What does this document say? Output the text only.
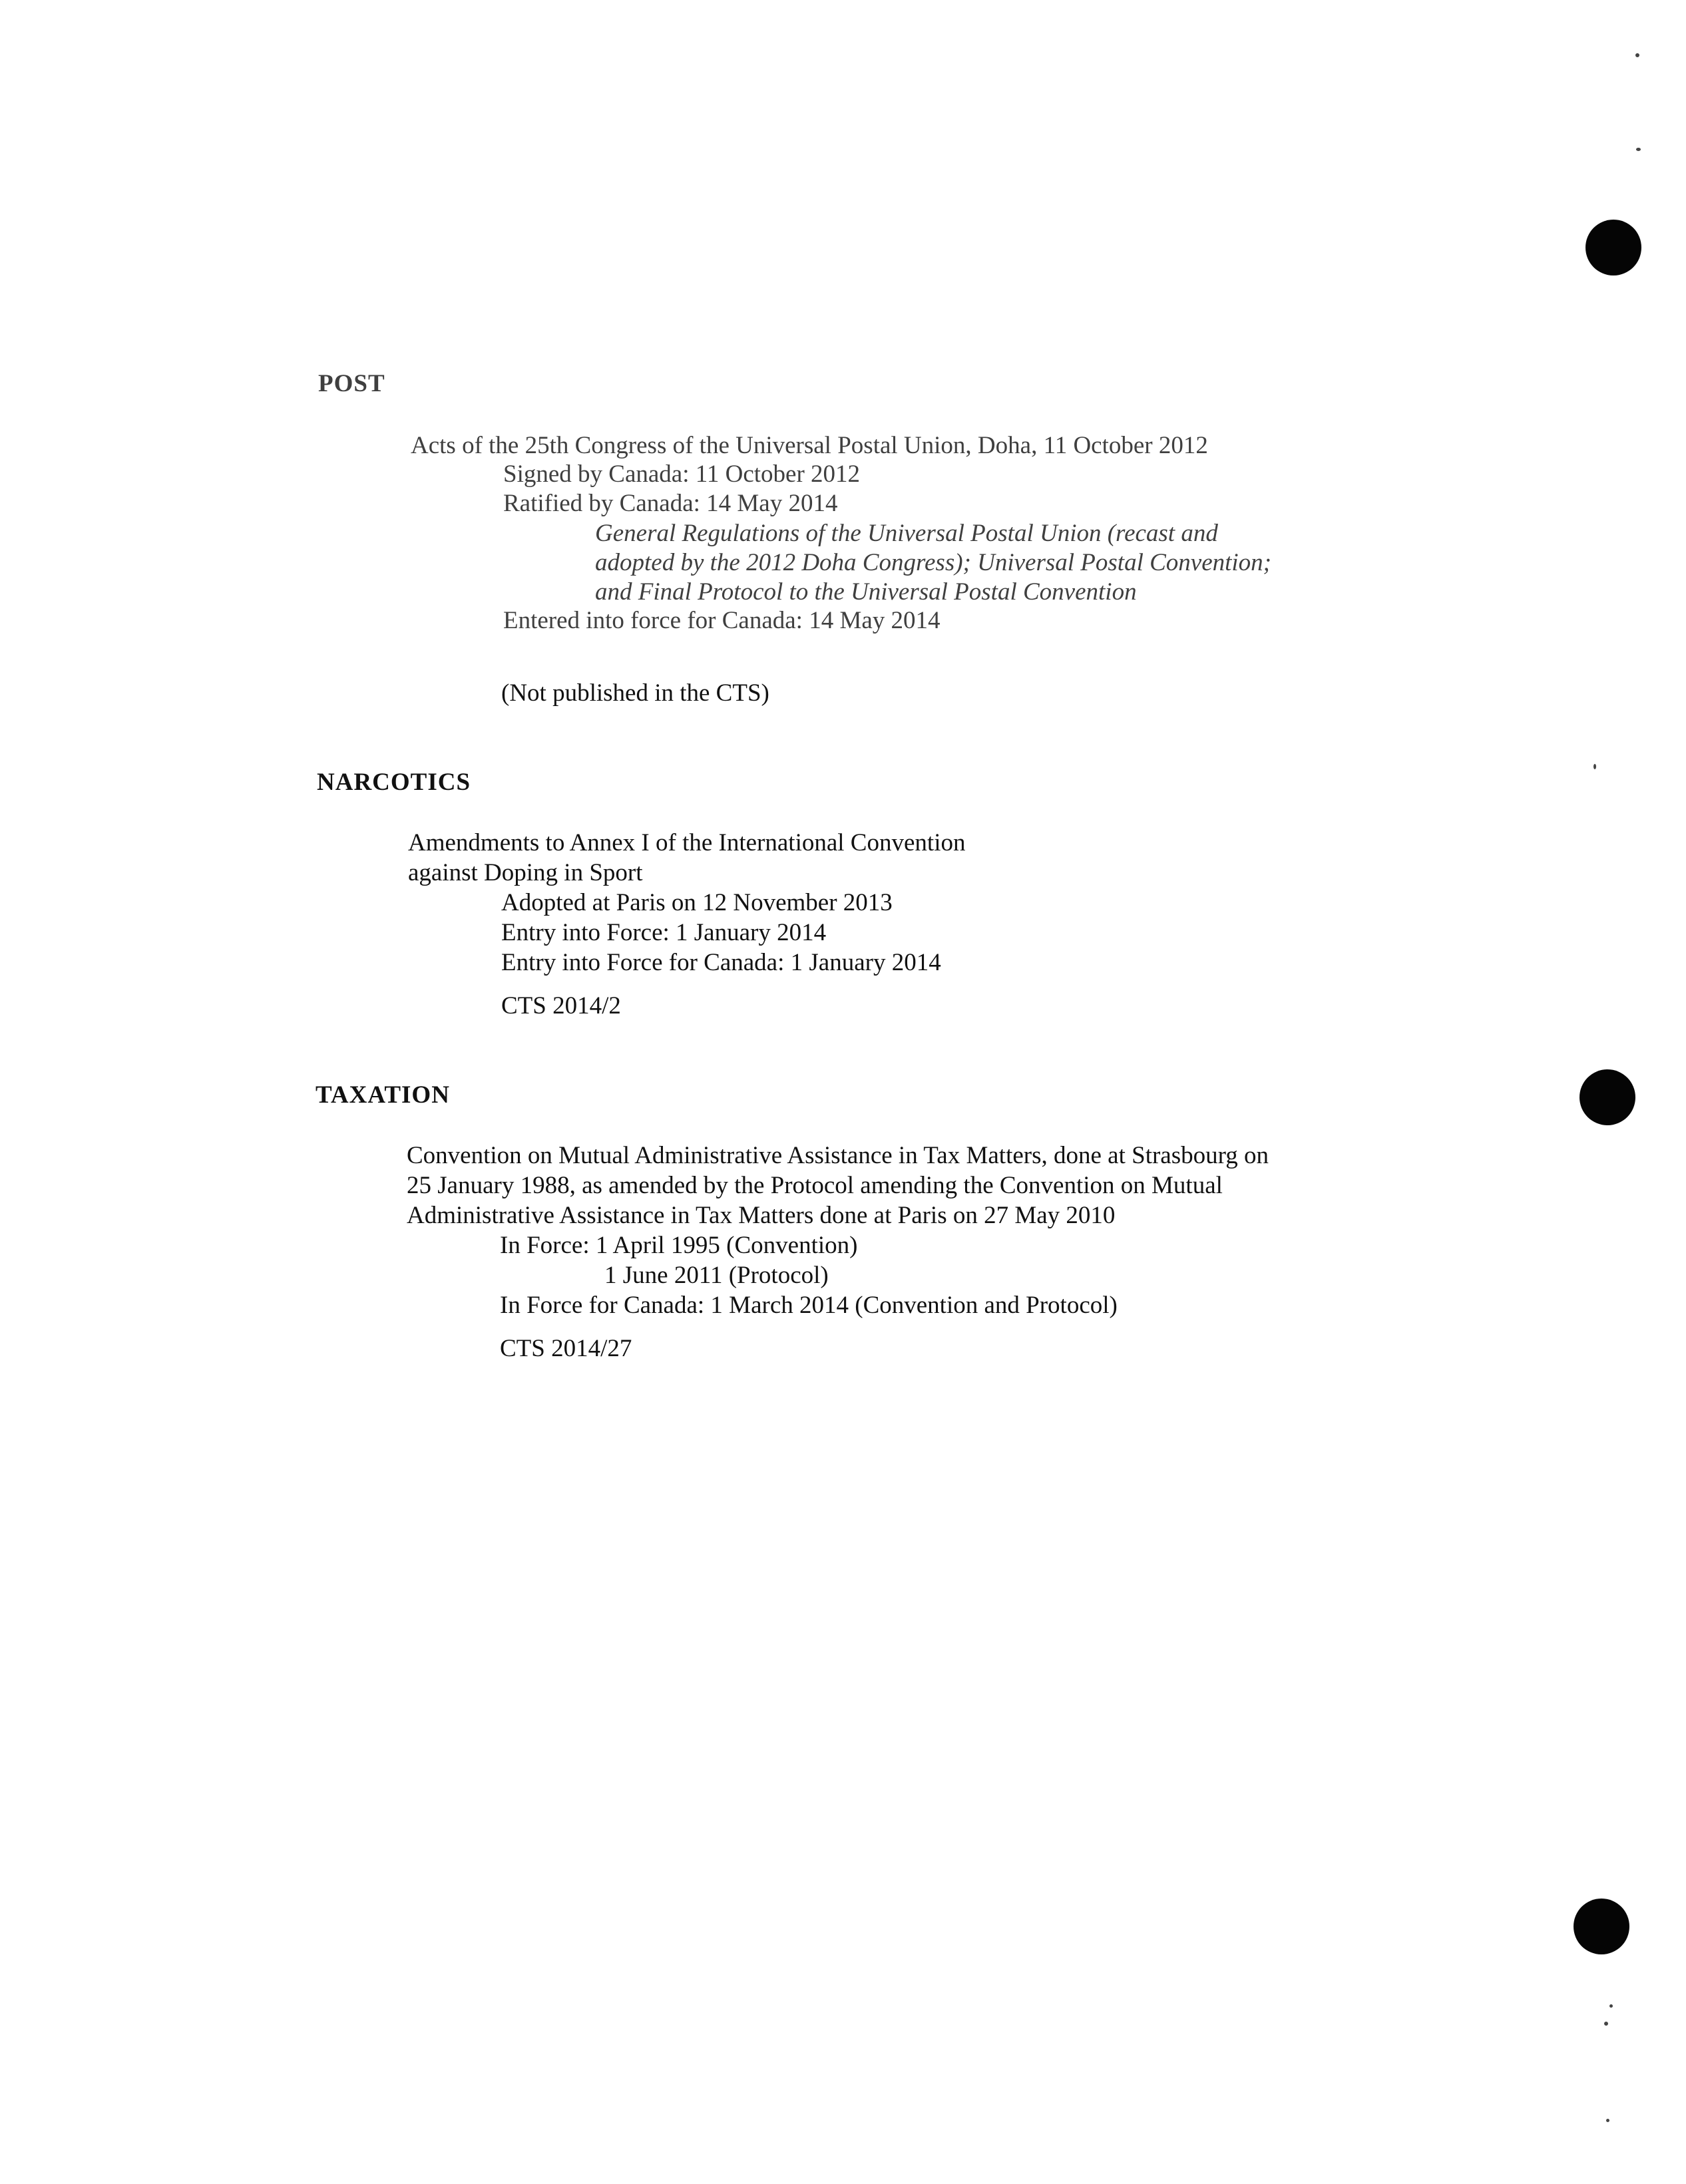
POST
Acts of the 25th Congress of the Universal Postal Union, Doha, 11 October 2012
Signed by Canada: 11 October 2012
Ratified by Canada: 14 May 2014
General Regulations of the Universal Postal Union (recast and
adopted by the 2012 Doha Congress); Universal Postal Convention;
and Final Protocol to the Universal Postal Convention
Entered into force for Canada: 14 May 2014
(Not published in the CTS)
NARCOTICS
Amendments to Annex I of the International Convention
against Doping in Sport
Adopted at Paris on 12 November 2013
Entry into Force: 1 January 2014
Entry into Force for Canada: 1 January 2014
CTS 2014/2
TAXATION
Convention on Mutual Administrative Assistance in Tax Matters, done at Strasbourg on
25 January 1988, as amended by the Protocol amending the Convention on Mutual
Administrative Assistance in Tax Matters done at Paris on 27 May 2010
In Force: 1 April 1995 (Convention)
1 June 2011 (Protocol)
In Force for Canada: 1 March 2014 (Convention and Protocol)
CTS 2014/27
